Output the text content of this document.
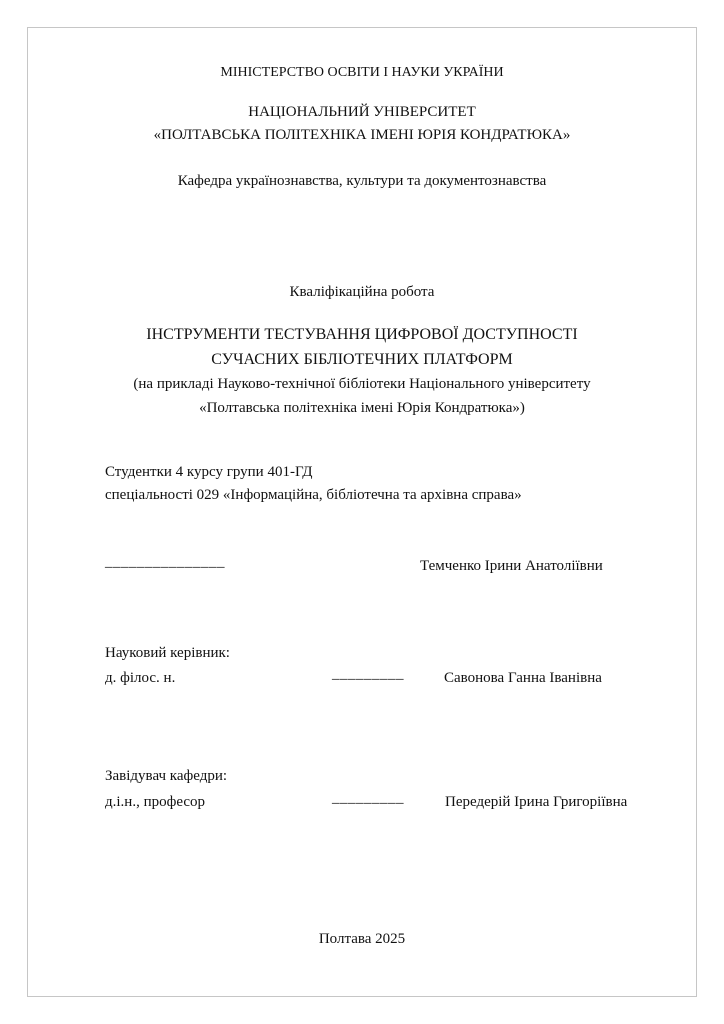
МІНІСТЕРСТВО ОСВІТИ І НАУКИ УКРАЇНИ
НАЦІОНАЛЬНИЙ УНІВЕРСИТЕТ
«ПОЛТАВСЬКА ПОЛІТЕХНІКА ІМЕНІ ЮРІЯ КОНДРАТЮКА»
Кафедра українознавства, культури та документознавства
Кваліфікаційна робота
ІНСТРУМЕНТИ ТЕСТУВАННЯ ЦИФРОВОЇ ДОСТУПНОСТІ
СУЧАСНИХ БІБЛІОТЕЧНИХ ПЛАТФОРМ
(на прикладі Науково-технічної бібліотеки Національного університету
«Полтавська політехніка імені Юрія Кондратюка»)
Студентки 4 курсу групи 401-ГД
спеціальності 029 «Інформаційна, бібліотечна та архівна справа»
_______________	Темченко Ірини Анатоліївни
Науковий керівник:
д. філос. н.	_________	Савонова Ганна Іванівна
Завідувач кафедри:
д.і.н., професор	_________	Передерій Ірина Григоріївна
Полтава 2025
